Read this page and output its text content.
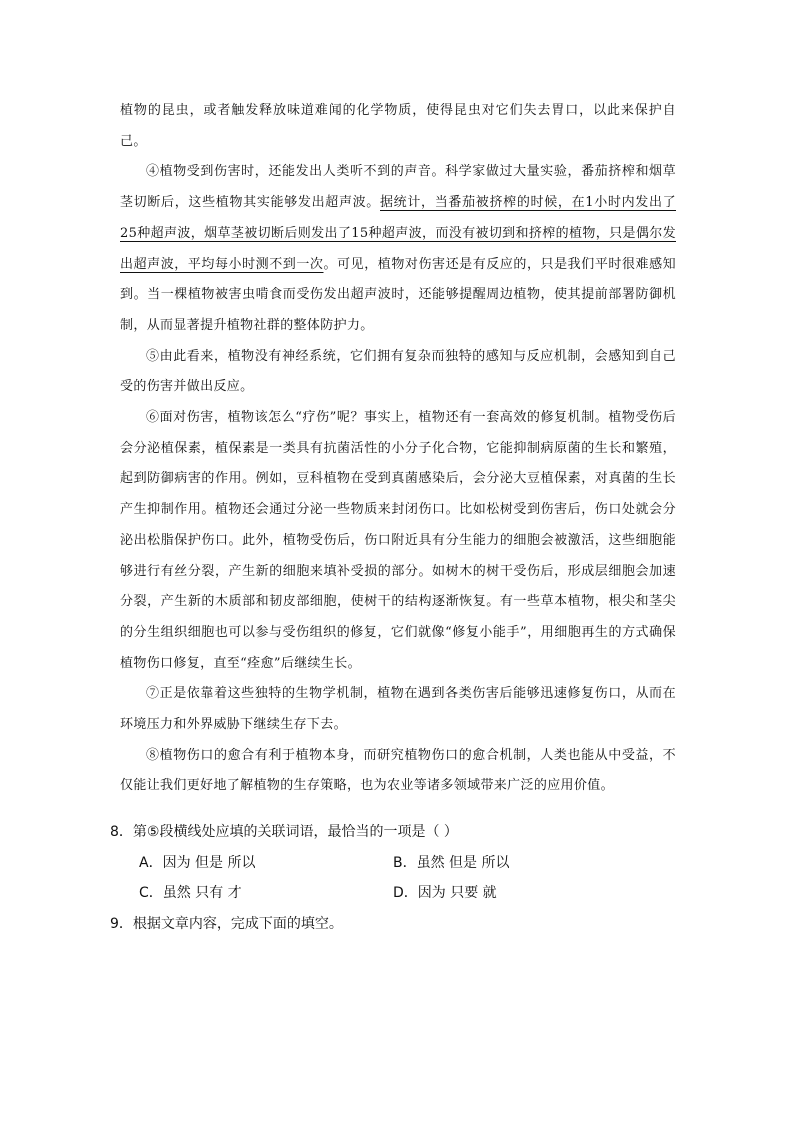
植物的昆虫，或者触发释放味道难闻的化学物质，使得昆虫对它们失去胃口，以此来保护自己。

④植物受到伤害时，还能发出人类听不到的声音。科学家做过大量实验，番茄挤榨和烟草茎切断后，这些植物其实能够发出超声波。据统计，当番茄被挤榨的时候，在1小时内发出了25种超声波，烟草茎被切断后则发出了15种超声波，而没有被切到和挤榨的植物，只是偶尔发出超声波，平均每小时测不到一次。可见，植物对伤害还是有反应的，只是我们平时很难感知到。当一棵植物被害虫啃食而受伤发出超声波时，还能够提醒周边植物，使其提前部署防御机制，从而显著提升植物社群的整体防护力。

⑤由此看来，植物没有神经系统，它们拥有复杂而独特的感知与反应机制，会感知到自己受的伤害并做出反应。

⑥面对伤害，植物该怎么“疗伤”呢？事实上，植物还有一套高效的修复机制。植物受伤后会分泌植保素，植保素是一类具有抗菌活性的小分子化合物，它能抑制病原菌的生长和繁殖，起到防御病害的作用。例如，豆科植物在受到真菌感染后，会分泌大豆植保素，对真菌的生长产生抑制作用。植物还会通过分泌一些物质来封闭伤口。比如松树受到伤害后，伤口处就会分泌出松脂保护伤口。此外，植物受伤后，伤口附近具有分生能力的细胞会被激活，这些细胞能够进行有丝分裂，产生新的细胞来填补受损的部分。如树木的树干受伤后，形成层细胞会加速分裂，产生新的木质部和韧皮部细胞，使树干的结构逐渐恢复。有一些草本植物，根尖和茎尖的分生组织细胞也可以参与受伤组织的修复，它们就像“修复小能手”，用细胞再生的方式确保植物伤口修复，直至“痊愈”后继续生长。

⑦正是依靠着这些独特的生物学机制，植物在遇到各类伤害后能够迅速修复伤口，从而在环境压力和外界威胁下继续生存下去。

⑧植物伤口的愈合有利于植物本身，而研究植物伤口的愈合机制，人类也能从中受益，不仅能让我们更好地了解植物的生存策略，也为农业等诸多领域带来广泛的应用价值。

8．第⑤段横线处应填的关联词语，最恰当的一项是（ ）

A．因为 但是 所以	B．虽然 但是 所以
C．虽然 只有 才	D．因为 只要 就

9．根据文章内容，完成下面的填空。
